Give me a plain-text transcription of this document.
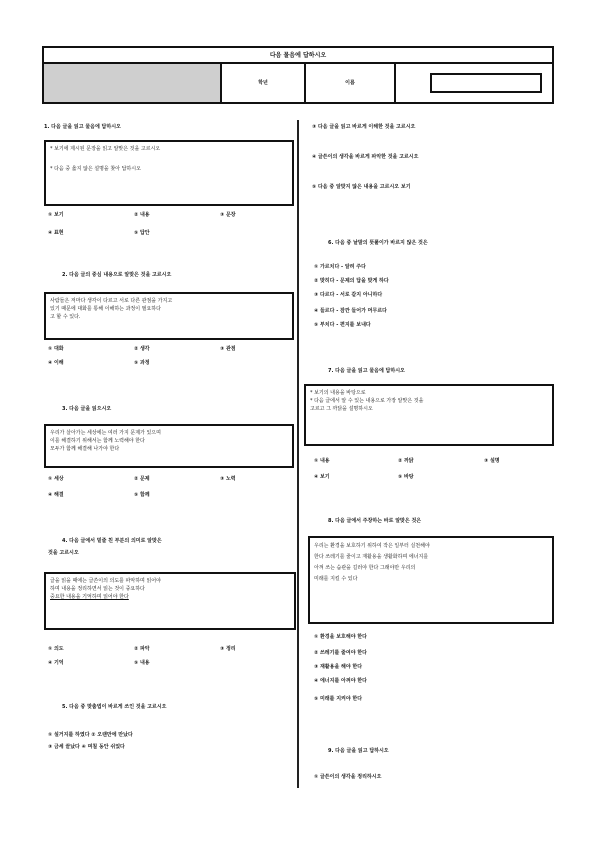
다음 물음에 답하시오
학년	이름
1. 다음 글을 읽고 물음에 답하시오
* 보기에 제시된 문장을 읽고 알맞은 것을 고르시오
* 다음 중 옳지 않은 설명을 찾아 답하시오
① 보기	② 내용	③ 문장
④ 표현	⑤ 답안
2. 다음 글의 중심 내용으로 알맞은 것을 고르시오
사람들은 저마다 생각이 다르고 서로 다른 관점을 가지고
있기 때문에 대화를 통해 이해하는 과정이 필요하다
고 할 수 있다.
① 대화	② 생각	③ 관점
④ 이해	⑤ 과정
3. 다음 글을 읽으시오
우리가 살아가는 세상에는 여러 가지 문제가 있으며
이를 해결하기 위해서는 함께 노력해야 한다
모두가 함께 해결해 나가야 한다
① 세상	② 문제	③ 노력
④ 해결	⑤ 함께
4. 다음 글에서 밑줄 친 부분의 의미로 알맞은
것을 고르시오
글을 읽을 때에는 글쓴이의 의도를 파악하며 읽어야
하며 내용을 정리하면서 읽는 것이 중요하다
중요한 내용을 기억하며 읽어야 한다
① 의도	② 파악	③ 정리
④ 기억	⑤ 내용
5. 다음 중 맞춤법이 바르게 쓰인 것을 고르시오
① 설거지를 하였다 ② 오랜만에 만났다
③ 금세 끝났다 ④ 며칠 동안 쉬었다
③ 다음 글을 읽고 바르게 이해한 것을 고르시오
④ 글쓴이의 생각을 바르게 파악한 것을 고르시오
⑤ 다음 중 알맞지 않은 내용을 고르시오 보기
6. 다음 중 낱말의 뜻풀이가 바르지 않은 것은
① 가르치다 - 알려 주다
② 맞히다 - 문제의 답을 맞게 하다
③ 다르다 - 서로 같지 아니하다
④ 들르다 - 잠깐 들어가 머무르다
⑤ 부치다 - 편지를 보내다
7. 다음 글을 읽고 물음에 답하시오
* 보기의 내용을 바탕으로
* 다음 글에서 알 수 있는 내용으로 가장 알맞은 것을
고르고 그 까닭을 설명하시오
① 내용	② 까닭	③ 설명
④ 보기	⑤ 바탕
8. 다음 글에서 주장하는 바로 알맞은 것은
우리는 환경을 보호하기 위하여 작은 일부터 실천해야
한다 쓰레기를 줄이고 재활용을 생활화하며 에너지를
아껴 쓰는 습관을 길러야 한다 그래야만 우리의
미래를 지킬 수 있다
① 환경을 보호해야 한다
② 쓰레기를 줄여야 한다
③ 재활용을 해야 한다
④ 에너지를 아껴야 한다
⑤ 미래를 지켜야 한다
9. 다음 글을 읽고 답하시오
① 글쓴이의 생각을 정리하시오
